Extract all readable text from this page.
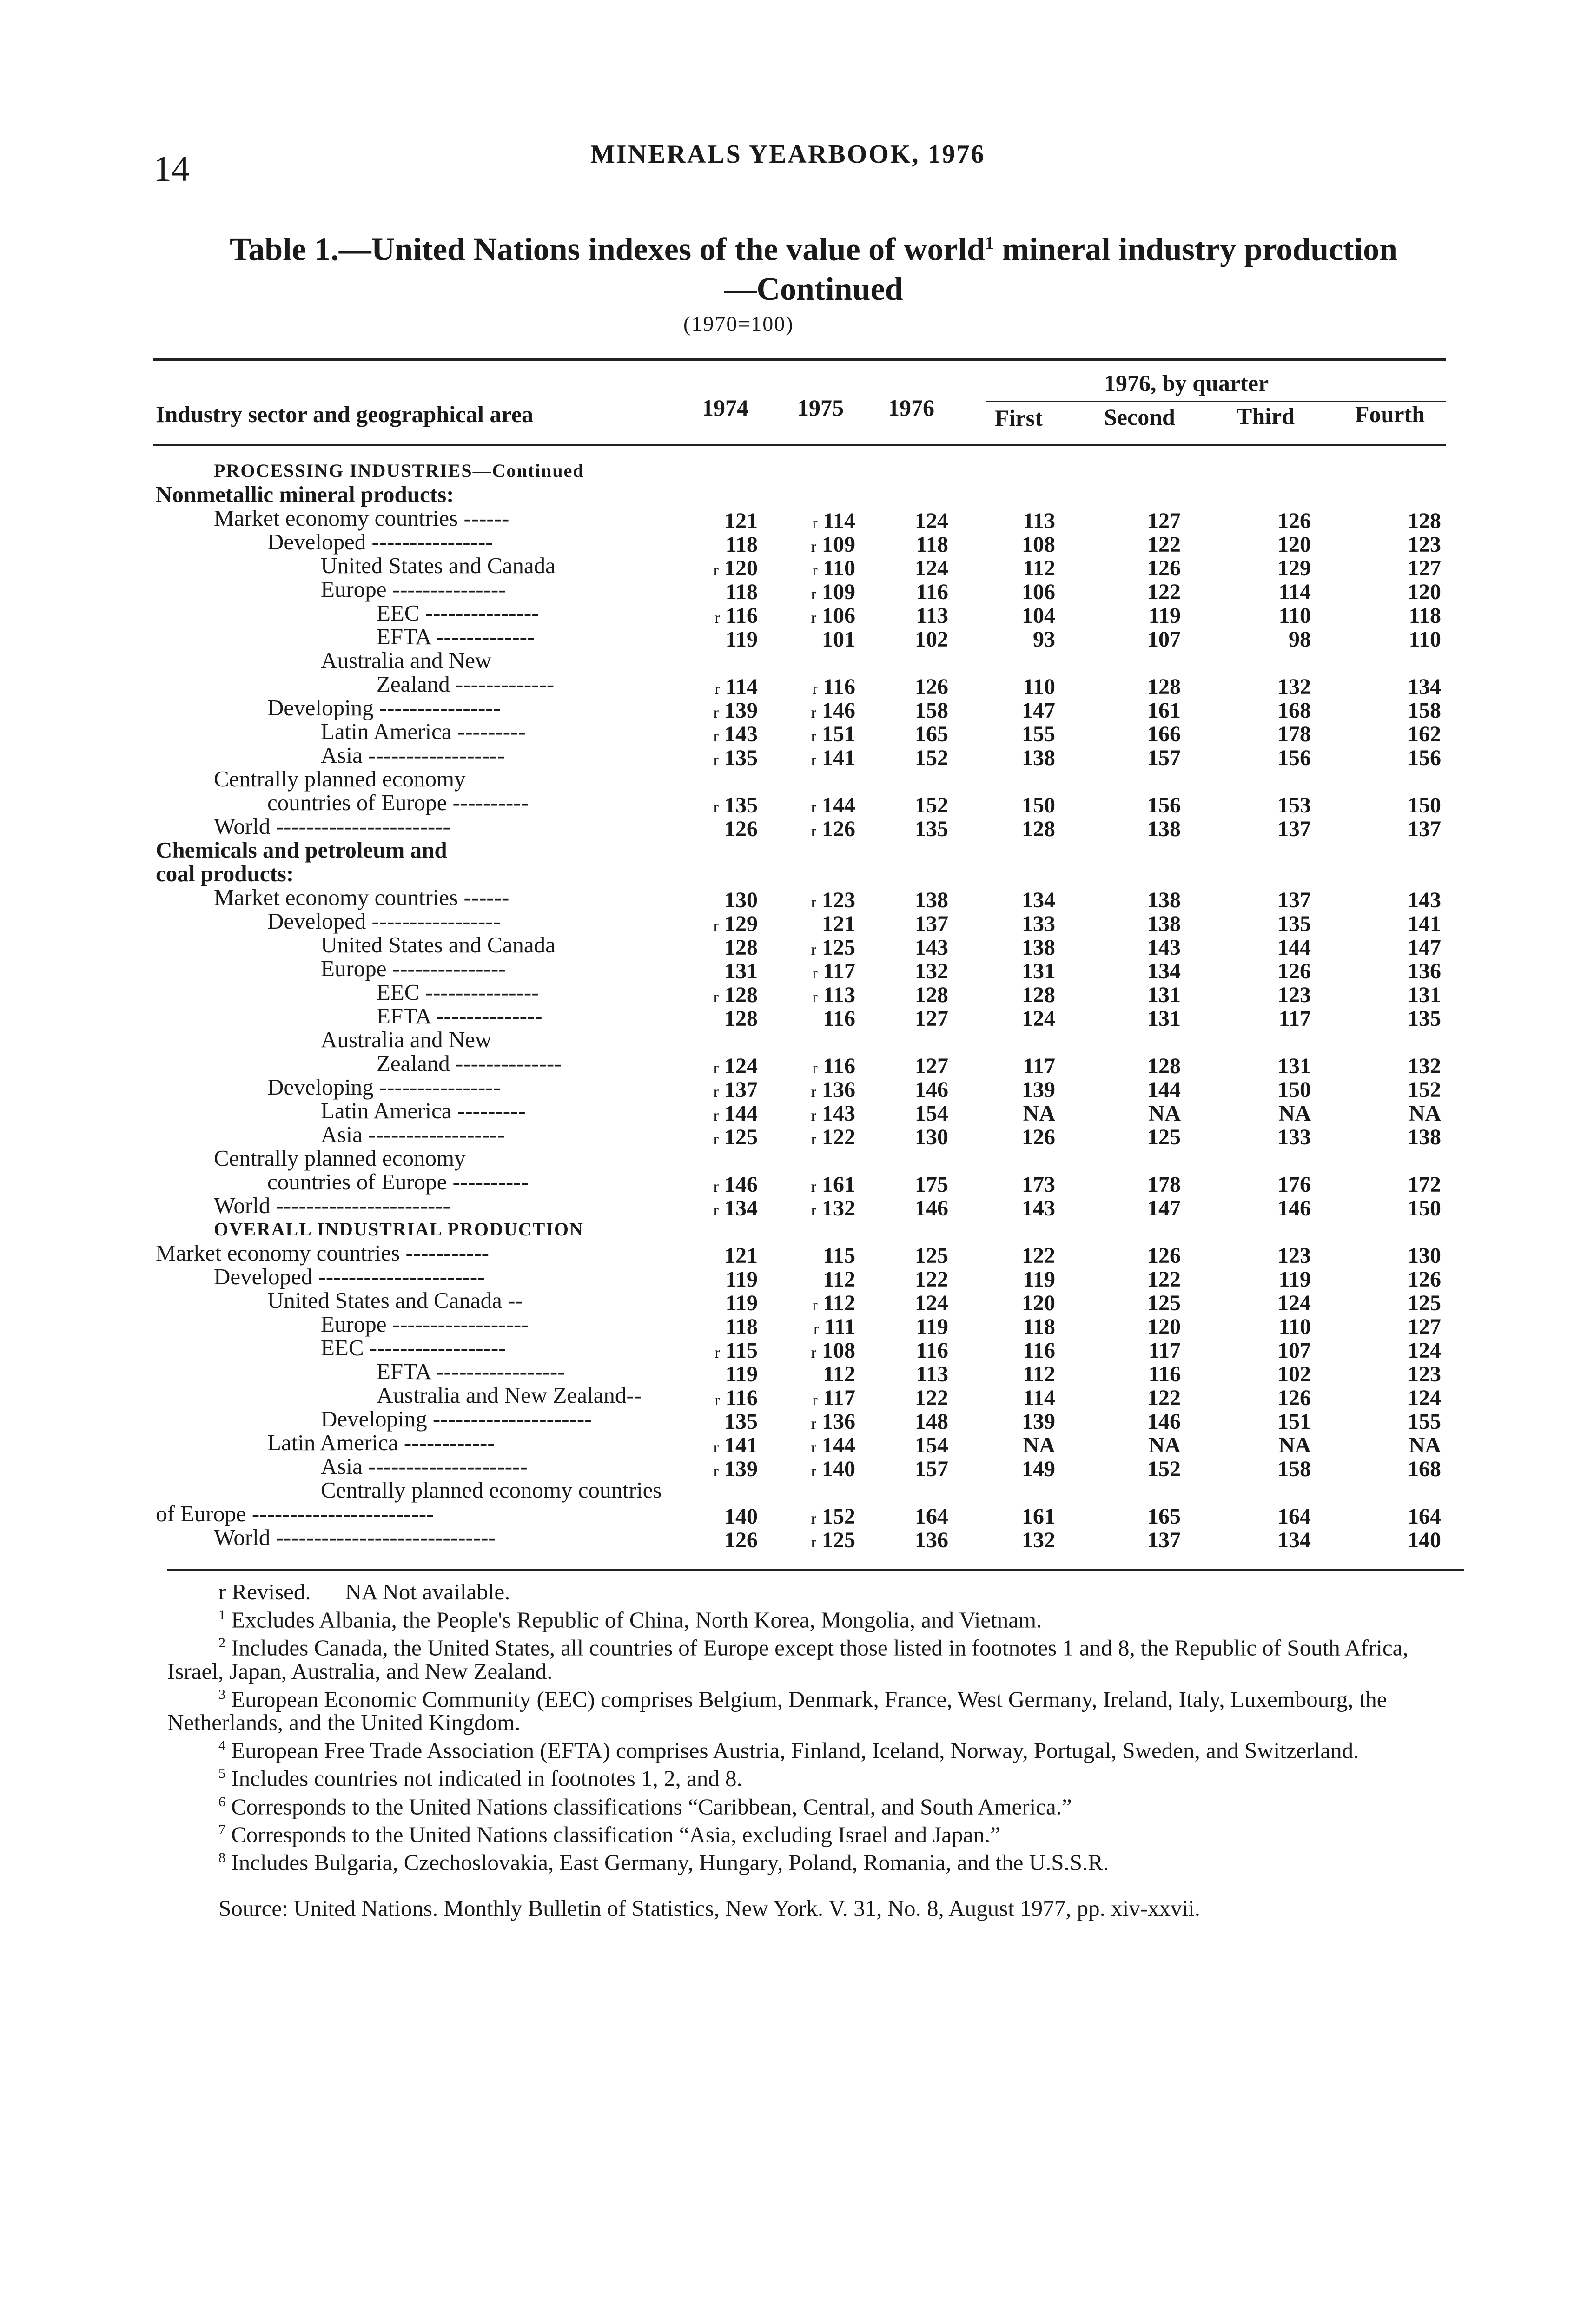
14	MINERALS YEARBOOK, 1976
Table 1.—United Nations indexes of the value of world$^1$ mineral industry production
—Continued
(1970=100)
Industry sector and geographical area	1974 1975 1976
1976, by quarter
First	Second	Third	Fourth
PROCESSING INDUSTRIES—Continued
Nonmetallic mineral products:
Market economy countries ------	121	r 114	124	113	127	126	128
Developed ----------------	118	r 109	118	108	122	120	123
United States and Canada	r 120	r 110	124	112	126	129	127
Europe ---------------	118	r 109	116	106	122	114	120
EEC ---------------	r 116	r 106	113	104	119	110	118
EFTA -------------	119	101	102	93	107	98	110
Australia and New
Zealand -------------	r 114	r 116	126	110	128	132	134
Developing ----------------	r 139	r 146	158	147	161	168	158
Latin America ---------	r 143	r 151	165	155	166	178	162
Asia ------------------	r 135	r 141	152	138	157	156	156
Centrally planned economy
countries of Europe ----------	r 135	r 144	152	150	156	153	150
World -----------------------	126	r 126	135	128	138	137	137
Chemicals and petroleum and
coal products:
Market economy countries ------	130	r 123	138	134	138	137	143
Developed -----------------	r 129	121	137	133	138	135	141
United States and Canada	128	r 125	143	138	143	144	147
Europe ---------------	131	r 117	132	131	134	126	136
EEC ---------------	r 128	r 113	128	128	131	123	131
EFTA --------------	128	116	127	124	131	117	135
Australia and New
Zealand --------------	r 124	r 116	127	117	128	131	132
Developing ----------------	r 137	r 136	146	139	144	150	152
Latin America ---------	r 144	r 143	154	NA	NA	NA	NA
Asia ------------------	r 125	r 122	130	126	125	133	138
Centrally planned economy
countries of Europe ----------	r 146	r 161	175	173	178	176	172
World -----------------------	r 134	r 132	146	143	147	146	150
OVERALL INDUSTRIAL PRODUCTION
Market economy countries -----------	121	115	125	122	126	123	130
Developed ----------------------	119	112	122	119	122	119	126
United States and Canada --	119	r 112	124	120	125	124	125
Europe ------------------	118	r 111	119	118	120	110	127
EEC ------------------	r 115	r 108	116	116	117	107	124
EFTA -----------------	119	112	113	112	116	102	123
Australia and New Zealand--	r 116	r 117	122	114	122	126	124
Developing ---------------------	135	r 136	148	139	146	151	155
Latin America ------------	r 141	r 144	154	NA	NA	NA	NA
Asia ---------------------	r 139	r 140	157	149	152	158	168
Centrally planned economy countries
of Europe ------------------------	140	r 152	164	161	165	164	164
World -----------------------------	126	r 125	136	132	137	134	140

r Revised. NA Not available.

$^1$ Excludes Albania, the People's Republic of China, North Korea, Mongolia, and Vietnam.

$^2$ Includes Canada, the United States, all countries of Europe except those listed in footnotes 1 and 8, the Republic of South Africa, Israel, Japan, Australia, and New Zealand.

$^3$ European Economic Community (EEC) comprises Belgium, Denmark, France, West Germany, Ireland, Italy, Luxembourg, the Netherlands, and the United Kingdom.

$^4$ European Free Trade Association (EFTA) comprises Austria, Finland, Iceland, Norway, Portugal, Sweden, and Switzerland.

$^5$ Includes countries not indicated in footnotes 1, 2, and 8.

$^6$ Corresponds to the United Nations classifications “Caribbean, Central, and South America.”

$^7$ Corresponds to the United Nations classification “Asia, excluding Israel and Japan.”

$^8$ Includes Bulgaria, Czechoslovakia, East Germany, Hungary, Poland, Romania, and the U.S.S.R.

Source: United Nations. Monthly Bulletin of Statistics, New York. V. 31, No. 8, August 1977, pp. xiv-xxvii.
